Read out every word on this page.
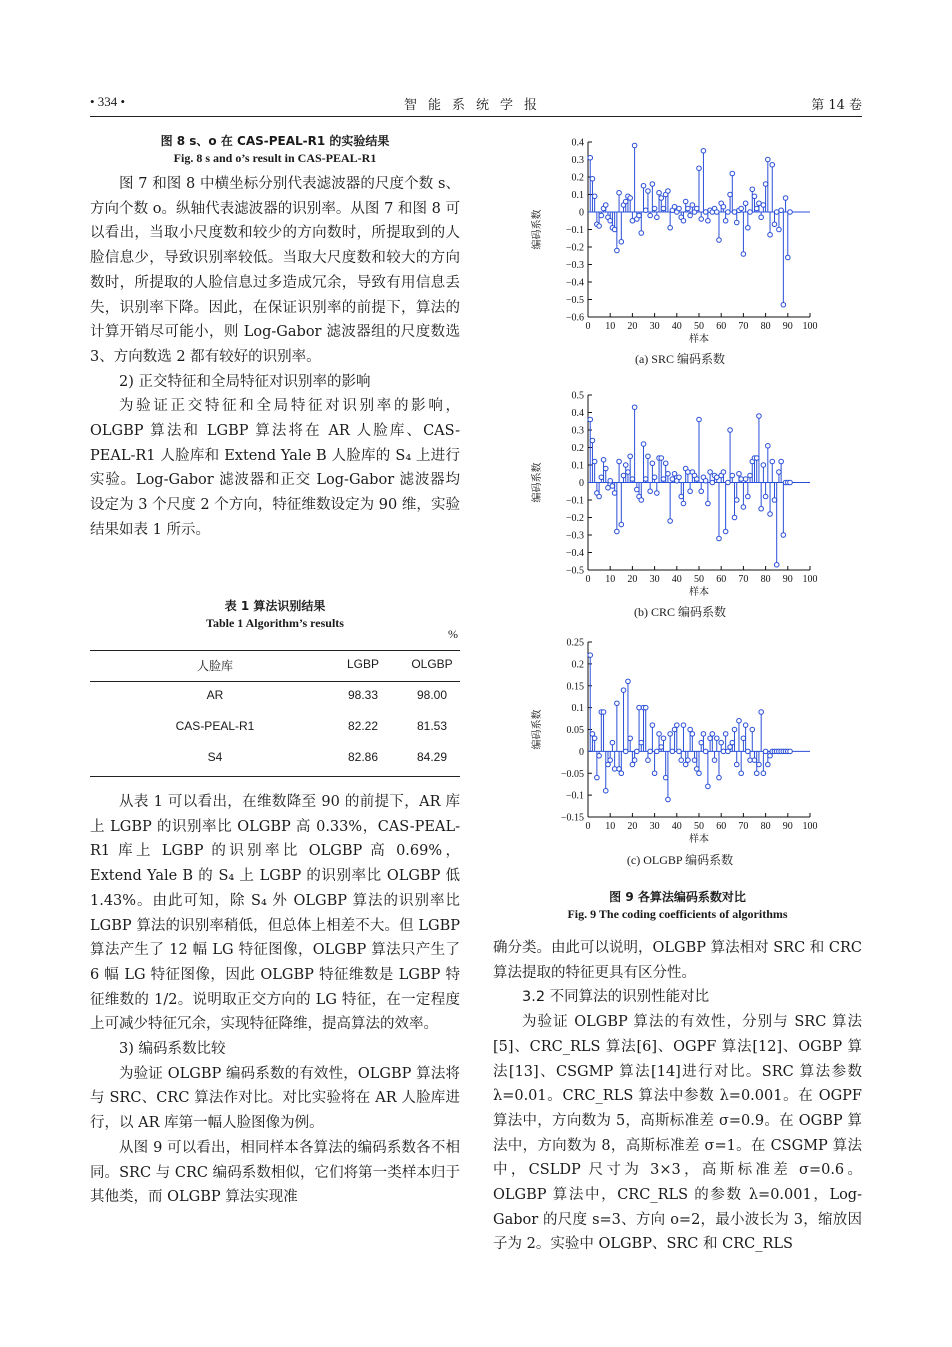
• 334 •	智能系统学报	第 14 卷
图 8 s、o 在 CAS-PEAL-R1 的实验结果
Fig. 8 s and o’s result in CAS-PEAL-R1

图 7 和图 8 中横坐标分别代表滤波器的尺度个数 s、方向个数 o。纵轴代表滤波器的识别率。从图 7 和图 8 可以看出，当取小尺度数和较少的方向数时，所提取到的人脸信息少，导致识别率较低。当取大尺度数和较大的方向数时，所提取的人脸信息过多造成冗余，导致有用信息丢失，识别率下降。因此，在保证识别率的前提下，算法的计算开销尽可能小，则 Log-Gabor 滤波器组的尺度数选 3、方向数选 2 都有较好的识别率。

2) 正交特征和全局特征对识别率的影响

为验证正交特征和全局特征对识别率的影响，OLGBP 算法和 LGBP 算法将在 AR 人脸库、CAS-PEAL-R1 人脸库和 Extend Yale B 人脸库的 S₄ 上进行实验。Log-Gabor 滤波器和正交 Log-Gabor 滤波器均设定为 3 个尺度 2 个方向，特征维数设定为 90 维，实验结果如表 1 所示。

表 1 算法识别结果
Table 1 Algorithm’s results
%
人脸库	LGBP	OLGBP
AR	98.33	98.00
CAS-PEAL-R1	82.22	81.53
S4	82.86	84.29

从表 1 可以看出，在维数降至 90 的前提下，AR 库上 LGBP 的识别率比 OLGBP 高 0.33%，CAS-PEAL-R1 库上 LGBP 的识别率比 OLGBP 高 0.69%，Extend Yale B 的 S₄ 上 LGBP 的识别率比 OLGBP 低 1.43%。由此可知，除 S₄ 外 OLGBP 算法的识别率比 LGBP 算法的识别率稍低，但总体上相差不大。但 LGBP 算法产生了 12 幅 LG 特征图像，OLGBP 算法只产生了 6 幅 LG 特征图像，因此 OLGBP 特征维数是 LGBP 特征维数的 1/2。说明取正交方向的 LG 特征，在一定程度上可减少特征冗余，实现特征降维，提高算法的效率。

3) 编码系数比较

为验证 OLGBP 编码系数的有效性，OLGBP 算法将与 SRC、CRC 算法作对比。对比实验将在 AR 人脸库进行，以 AR 库第一幅人脸图像为例。

从图 9 可以看出，相同样本各算法的编码系数各不相同。SRC 与 CRC 编码系数相似，它们将第一类样本归于其他类，而 OLGBP 算法实现准

0.4
0.3
0.2
0.1
0
−0.1
−0.2
−0.3
−0.4
−0.5
−0.6
0 10 20 30 40 50 60 70 80 90 100
样本
编码系数
(a) SRC 编码系数
0.5
0.4
0.3
0.2
0.1
0
−0.1
−0.2
−0.3
−0.4
−0.5
0 10 20 30 40 50 60 70 80 90 100
样本
编码系数
(b) CRC 编码系数
0.25
0.2
0.15
0.1
0.05
0
−0.05
−0.1
−0.15
0 10 20 30 40 50 60 70 80 90 100
样本
编码系数
(c) OLGBP 编码系数
图 9 各算法编码系数对比
Fig. 9 The coding coefficients of algorithms

确分类。由此可以说明，OLGBP 算法相对 SRC 和 CRC 算法提取的特征更具有区分性。

3.2 不同算法的识别性能对比

为验证 OLGBP 算法的有效性，分别与 SRC 算法[5]、CRC_RLS 算法[6]、OGPF 算法[12]、OGBP 算法[13]、CSGMP 算法[14]进行对比。SRC 算法参数 λ=0.01。CRC_RLS 算法中参数 λ=0.001。在 OGPF 算法中，方向数为 5，高斯标准差 σ=0.9。在 OGBP 算法中，方向数为 8，高斯标准差 σ=1。在 CSGMP 算法中，CSLDP 尺寸为 3×3，高斯标准差 σ=0.6。OLGBP 算法中，CRC_RLS 的参数 λ=0.001，Log-Gabor 的尺度 s=3、方向 o=2，最小波长为 3，缩放因子为 2。实验中 OLGBP、SRC 和 CRC_RLS
